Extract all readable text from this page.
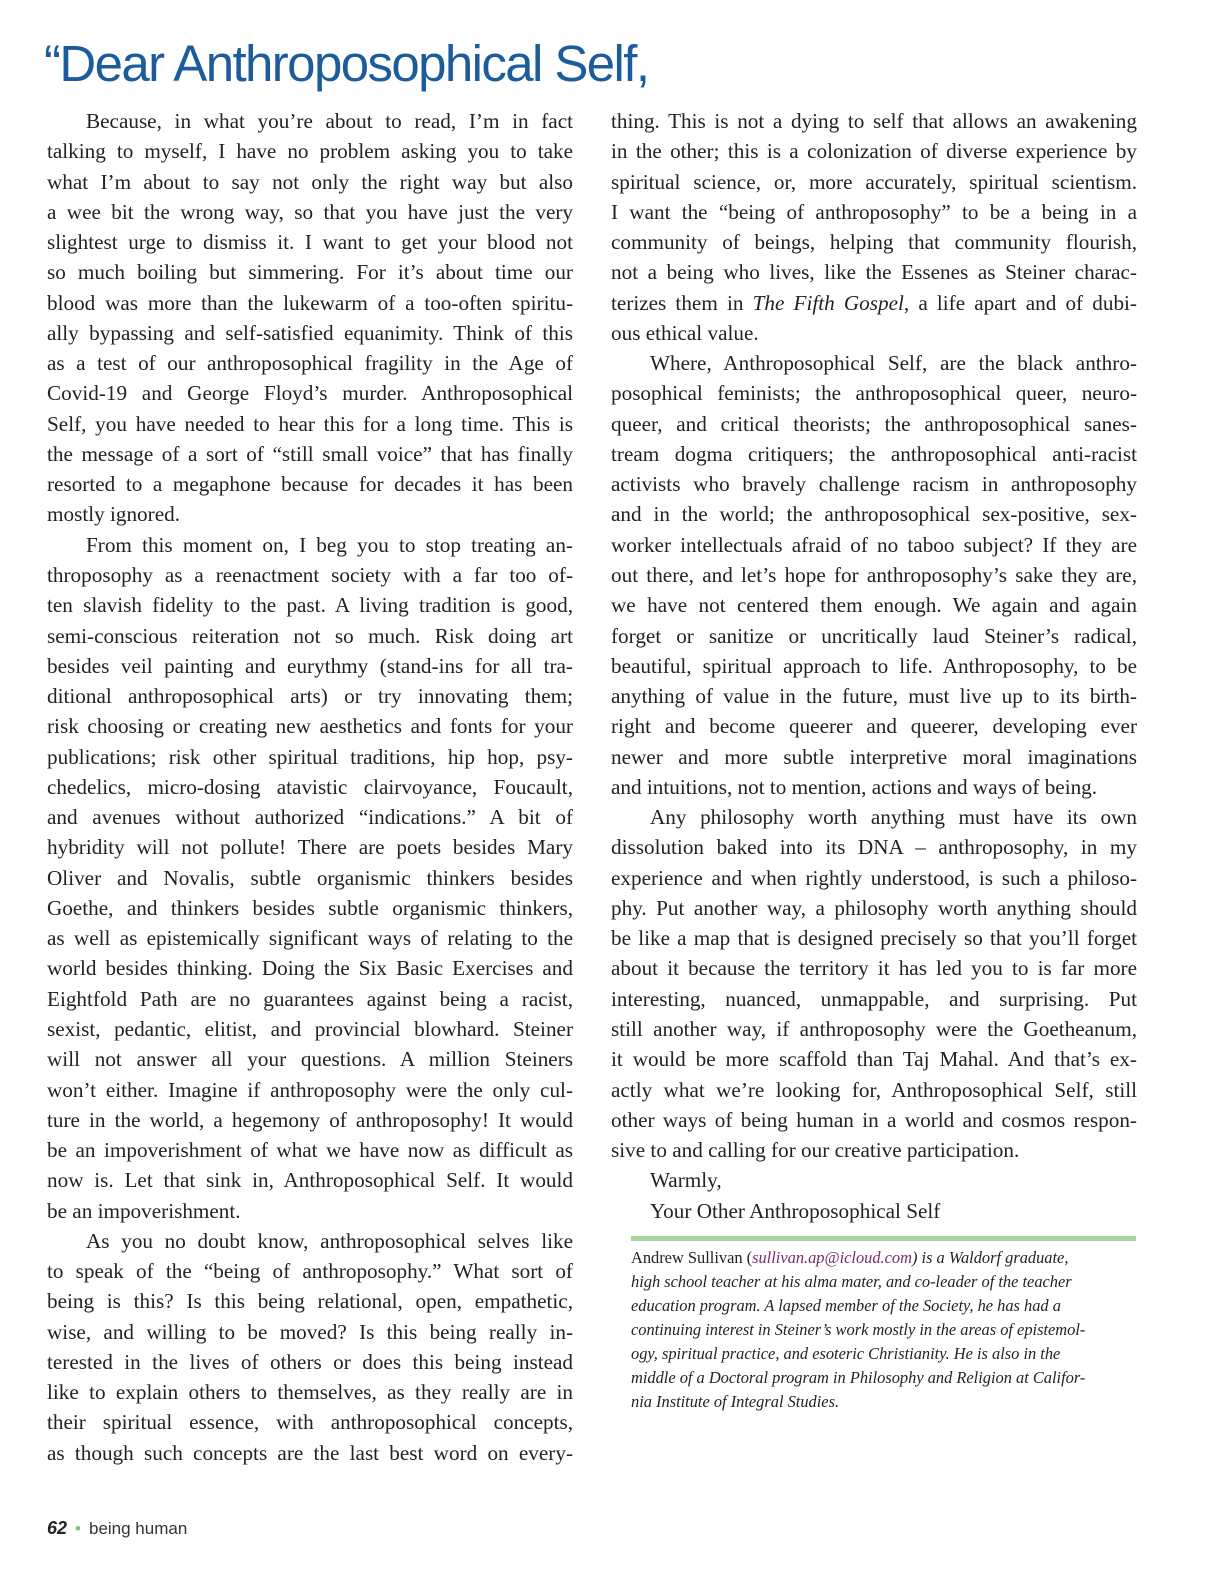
“Dear Anthroposophical Self,
Because, in what you’re about to read, I’m in fact
talking to myself, I have no problem asking you to take
what I’m about to say not only the right way but also
a wee bit the wrong way, so that you have just the very
slightest urge to dismiss it. I want to get your blood not
so much boiling but simmering. For it’s about time our
blood was more than the lukewarm of a too-often spiritu-
ally bypassing and self-satisfied equanimity. Think of this
as a test of our anthroposophical fragility in the Age of
Covid-19 and George Floyd’s murder. Anthroposophical
Self, you have needed to hear this for a long time. This is
the message of a sort of “still small voice” that has finally
resorted to a megaphone because for decades it has been
mostly ignored.
From this moment on, I beg you to stop treating an-
throposophy as a reenactment society with a far too of-
ten slavish fidelity to the past. A living tradition is good,
semi-conscious reiteration not so much. Risk doing art
besides veil painting and eurythmy (stand-ins for all tra-
ditional anthroposophical arts) or try innovating them;
risk choosing or creating new aesthetics and fonts for your
publications; risk other spiritual traditions, hip hop, psy-
chedelics, micro-dosing atavistic clairvoyance, Foucault,
and avenues without authorized “indications.” A bit of
hybridity will not pollute! There are poets besides Mary
Oliver and Novalis, subtle organismic thinkers besides
Goethe, and thinkers besides subtle organismic thinkers,
as well as epistemically significant ways of relating to the
world besides thinking. Doing the Six Basic Exercises and
Eightfold Path are no guarantees against being a racist,
sexist, pedantic, elitist, and provincial blowhard. Steiner
will not answer all your questions. A million Steiners
won’t either. Imagine if anthroposophy were the only cul-
ture in the world, a hegemony of anthroposophy! It would
be an impoverishment of what we have now as difficult as
now is. Let that sink in, Anthroposophical Self. It would
be an impoverishment.
As you no doubt know, anthroposophical selves like
to speak of the “being of anthroposophy.” What sort of
being is this? Is this being relational, open, empathetic,
wise, and willing to be moved? Is this being really in-
terested in the lives of others or does this being instead
like to explain others to themselves, as they really are in
their spiritual essence, with anthroposophical concepts,
as though such concepts are the last best word on every-
thing. This is not a dying to self that allows an awakening
in the other; this is a colonization of diverse experience by
spiritual science, or, more accurately, spiritual scientism.
I want the “being of anthroposophy” to be a being in a
community of beings, helping that community flourish,
not a being who lives, like the Essenes as Steiner charac-
terizes them in The Fifth Gospel, a life apart and of dubi-
ous ethical value.
Where, Anthroposophical Self, are the black anthro-
posophical feminists; the anthroposophical queer, neuro-
queer, and critical theorists; the anthroposophical sanes-
tream dogma critiquers; the anthroposophical anti-racist
activists who bravely challenge racism in anthroposophy
and in the world; the anthroposophical sex-positive, sex-
worker intellectuals afraid of no taboo subject? If they are
out there, and let’s hope for anthroposophy’s sake they are,
we have not centered them enough. We again and again
forget or sanitize or uncritically laud Steiner’s radical,
beautiful, spiritual approach to life. Anthroposophy, to be
anything of value in the future, must live up to its birth-
right and become queerer and queerer, developing ever
newer and more subtle interpretive moral imaginations
and intuitions, not to mention, actions and ways of being.
Any philosophy worth anything must have its own
dissolution baked into its DNA – anthroposophy, in my
experience and when rightly understood, is such a philoso-
phy. Put another way, a philosophy worth anything should
be like a map that is designed precisely so that you’ll forget
about it because the territory it has led you to is far more
interesting, nuanced, unmappable, and surprising. Put
still another way, if anthroposophy were the Goetheanum,
it would be more scaffold than Taj Mahal. And that’s ex-
actly what we’re looking for, Anthroposophical Self, still
other ways of being human in a world and cosmos respon-
sive to and calling for our creative participation.
Warmly,
Your Other Anthroposophical Self
Andrew Sullivan (sullivan.ap@icloud.com) is a Waldorf graduate,
high school teacher at his alma mater, and co-leader of the teacher
education program. A lapsed member of the Society, he has had a
continuing interest in Steiner’s work mostly in the areas of epistemol-
ogy, spiritual practice, and esoteric Christianity. He is also in the
middle of a Doctoral program in Philosophy and Religion at Califor-
nia Institute of Integral Studies.
62 • being human
